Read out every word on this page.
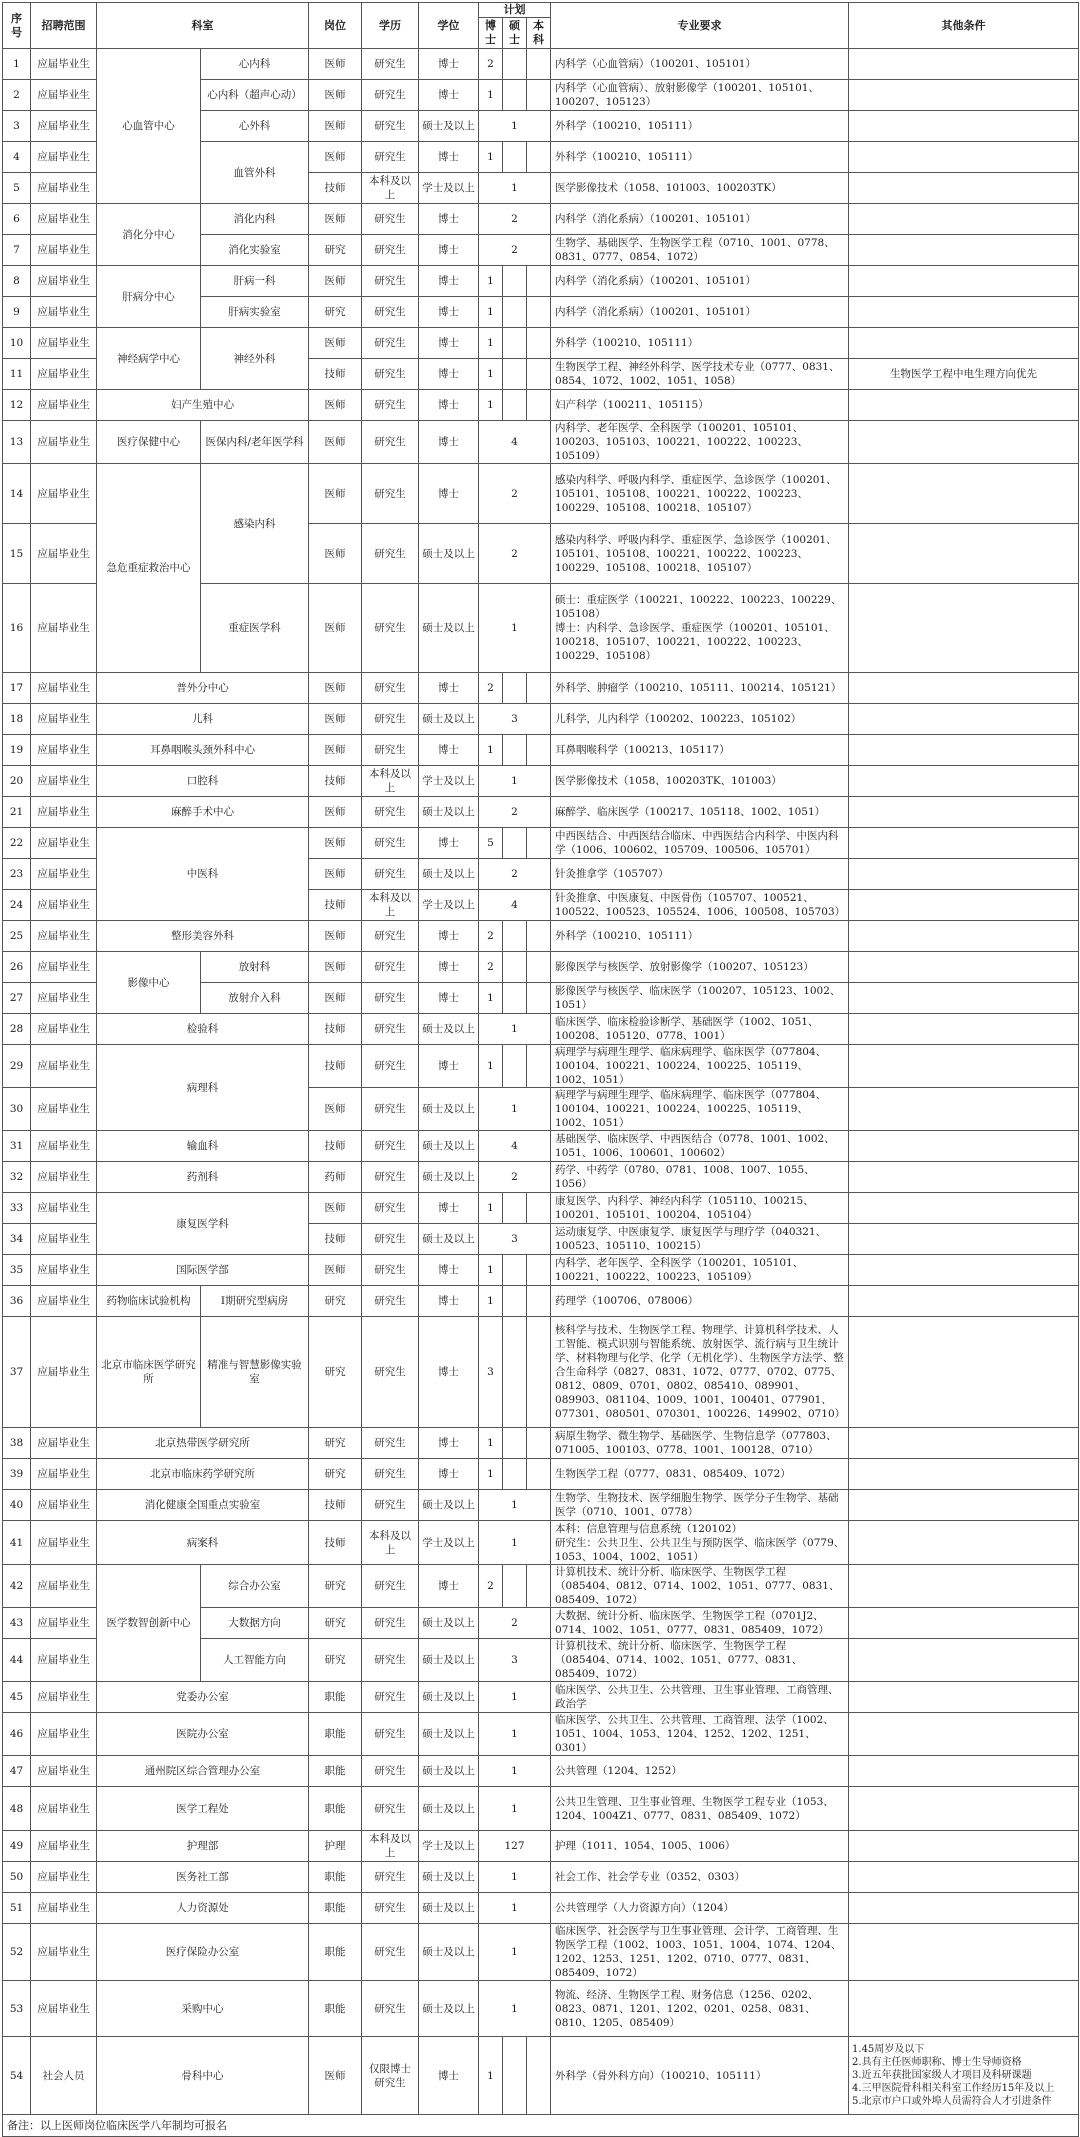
序号	招聘范围	科室		岗位	学历	学位	计划			专业要求	其他条件
							博士	硕士	本科		
1	应届毕业生	心血管中心	心内科	医师	研究生	博士	2			内科学（心血管病）（100201、105101）	
2	应届毕业生		心内科（超声心动）	医师	研究生	博士	1			内科学（心血管病）、放射影像学（100201、105101、100207、105123）	
3	应届毕业生		心外科	医师	研究生	硕士及以上	1			外科学（100210、105111）	
4	应届毕业生		血管外科	医师	研究生	博士	1			外科学（100210、105111）	
5	应届毕业生			技师	本科及以上	学士及以上	1			医学影像技术（1058、101003、100203TK）	
6	应届毕业生	消化分中心	消化内科	医师	研究生	博士	2			内科学（消化系病）（100201、105101）	
7	应届毕业生		消化实验室	研究	研究生	博士	2			生物学、基础医学、生物医学工程（0710、1001、0778、0831、0777、0854、1072）	
8	应届毕业生	肝病分中心	肝病一科	医师	研究生	博士	1			内科学（消化系病）（100201、105101）	
9	应届毕业生		肝病实验室	研究	研究生	博士	1			内科学（消化系病）（100201、105101）	
10	应届毕业生	神经病学中心	神经外科	医师	研究生	博士	1			外科学（100210、105111）	
11	应届毕业生			技师	研究生	博士	1			生物医学工程、神经外科学、医学技术专业（0777、0831、0854、1072、1002、1051、1058）	生物医学工程中电生理方向优先
12	应届毕业生	妇产生殖中心		医师	研究生	博士	1			妇产科学（100211、105115）	
13	应届毕业生	医疗保健中心	医保内科/老年医学科	医师	研究生	博士	4			内科学、老年医学、全科医学（100201、105101、100203、105103、100221、100222、100223、105109）	
14	应届毕业生	急危重症救治中心	感染内科	医师	研究生	博士	2			感染内科学、呼吸内科学、重症医学、急诊医学（100201、105101、105108、100221、100222、100223、100229、105108、100218、105107）	
15	应届毕业生			医师	研究生	硕士及以上	2			感染内科学、呼吸内科学、重症医学、急诊医学（100201、105101、105108、100221、100222、100223、100229、105108、100218、105107）	
16	应届毕业生		重症医学科	医师	研究生	硕士及以上	1			硕士：重症医学（100221、100222、100223、100229、105108）
博士：内科学、急诊医学、重症医学（100201、105101、100218、105107、100221、100222、100223、100229、105108）	
17	应届毕业生	普外分中心		医师	研究生	博士	2			外科学、肿瘤学（100210、105111、100214、105121）	
18	应届毕业生	儿科		医师	研究生	硕士及以上	3			儿科学，儿内科学（100202、100223、105102）	
19	应届毕业生	耳鼻咽喉头颈外科中心		医师	研究生	博士	1			耳鼻咽喉科学（100213、105117）	
20	应届毕业生	口腔科		技师	本科及以上	学士及以上	1			医学影像技术（1058、100203TK、101003）	
21	应届毕业生	麻醉手术中心		医师	研究生	硕士及以上	2			麻醉学、临床医学（100217、105118、1002、1051）	
22	应届毕业生	中医科		医师	研究生	博士	5			中西医结合、中西医结合临床、中西医结合内科学、中医内科学（1006、100602、105709、100506、105701）	
23	应届毕业生			医师	研究生	硕士及以上	2			针灸推拿学（105707）	
24	应届毕业生			技师	本科及以上	学士及以上	4			针灸推拿、中医康复、中医骨伤（105707、100521、100522、100523、105524、1006、100508、105703）	
25	应届毕业生	整形美容外科		医师	研究生	博士	2			外科学（100210、105111）	
26	应届毕业生	影像中心	放射科	医师	研究生	博士	2			影像医学与核医学、放射影像学（100207、105123）	
27	应届毕业生		放射介入科	医师	研究生	博士	1			影像医学与核医学、临床医学（100207、105123、1002、1051）	
28	应届毕业生	检验科		技师	研究生	硕士及以上	1			临床医学、临床检验诊断学、基础医学（1002、1051、100208、105120、0778、1001）	
29	应届毕业生	病理科		技师	研究生	博士	1			病理学与病理生理学、临床病理学、临床医学（077804、100104、100221、100224、100225、105119、1002、1051）	
30	应届毕业生			医师	研究生	硕士及以上	1			病理学与病理生理学、临床病理学、临床医学（077804、100104、100221、100224、100225、105119、1002、1051）	
31	应届毕业生	输血科		技师	研究生	硕士及以上	4			基础医学、临床医学、中西医结合（0778、1001、1002、1051、1006、100601、100602）	
32	应届毕业生	药剂科		药师	研究生	硕士及以上	2			药学、中药学（0780、0781、1008、1007、1055、1056）	
33	应届毕业生	康复医学科		医师	研究生	博士	1			康复医学、内科学、神经内科学（105110、100215、100201、105101、100204、105104）	
34	应届毕业生			技师	研究生	硕士及以上	3			运动康复学、中医康复学、康复医学与理疗学（040321、100523、105110、100215）	
35	应届毕业生	国际医学部		医师	研究生	博士	1			内科学、老年医学、全科医学（100201、105101、100221、100222、100223、105109）	
36	应届毕业生	药物临床试验机构	Ⅰ期研究型病房	研究	研究生	博士	1			药理学（100706、078006）	
37	应届毕业生	北京市临床医学研究所	精准与智慧影像实验室	研究	研究生	博士	3			核科学与技术、生物医学工程、物理学、计算机科学技术、人工智能、模式识别与智能系统、放射医学、流行病与卫生统计学、材料物理与化学、化学（无机化学）、生物医学方法学、整合生命科学（0827、0831、1072、0777、0702、0775、0812、0809、0701、0802、085410、089901、089903、081104、1009、1001、100401、077901、077301、080501、070301、100226、149902、0710）	
38	应届毕业生	北京热带医学研究所		研究	研究生	博士	1			病原生物学、微生物学、基础医学、生物信息学（077803、071005、100103、0778、1001、100128、0710）	
39	应届毕业生	北京市临床药学研究所		研究	研究生	博士	1			生物医学工程（0777、0831、085409、1072）	
40	应届毕业生	消化健康全国重点实验室		技师	研究生	硕士及以上	1			生物学、生物技术、医学细胞生物学、医学分子生物学、基础医学（0710、1001、0778）	
41	应届毕业生	病案科		技师	本科及以上	学士及以上	1			本科：信息管理与信息系统（120102）
研究生：公共卫生、公共卫生与预防医学、临床医学（0779、1053、1004、1002、1051）	
42	应届毕业生	医学数智创新中心	综合办公室	研究	研究生	博士	2			计算机技术、统计分析、临床医学、生物医学工程（085404、0812、0714、1002、1051、0777、0831、085409、1072）	
43	应届毕业生		大数据方向	研究	研究生	硕士及以上	2			大数据、统计分析、临床医学、生物医学工程（0701J2、0714、1002、1051、0777、0831、085409、1072）	
44	应届毕业生		人工智能方向	研究	研究生	硕士及以上	3			计算机技术、统计分析、临床医学、生物医学工程（085404、0714、1002、1051、0777、0831、085409、1072）	
45	应届毕业生	党委办公室		职能	研究生	硕士及以上	1			临床医学、公共卫生、公共管理、卫生事业管理、工商管理、政治学	
46	应届毕业生	医院办公室		职能	研究生	硕士及以上	1			临床医学、公共卫生、公共管理、工商管理、法学（1002、1051、1004、1053、1204、1252、1202、1251、0301）	
47	应届毕业生	通州院区综合管理办公室		职能	研究生	硕士及以上	1			公共管理（1204、1252）	
48	应届毕业生	医学工程处		职能	研究生	硕士及以上	1			公共卫生管理、卫生事业管理、生物医学工程专业（1053、1204、1004Z1、0777、0831、085409、1072）	
49	应届毕业生	护理部		护理	本科及以上	学士及以上	127			护理（1011、1054、1005、1006）	
50	应届毕业生	医务社工部		职能	研究生	硕士及以上	1			社会工作、社会学专业（0352、0303）	
51	应届毕业生	人力资源处		职能	研究生	硕士及以上	1			公共管理学（人力资源方向）（1204）	
52	应届毕业生	医疗保险办公室		职能	研究生	硕士及以上	1			临床医学、社会医学与卫生事业管理、会计学、工商管理、生物医学工程（1002、1003、1051、1004、1074、1204、1202、1253、1251、1202、0710、0777、0831、085409、1072）	
53	应届毕业生	采购中心		职能	研究生	硕士及以上	1			物流、经济、生物医学工程、财务信息（1256、0202、0823、0871、1201、1202、0201、0258、0831、0810、1205、085409）	
54	社会人员	骨科中心		医师	仅限博士研究生	博士	1			外科学（骨外科方向）（100210、105111）	1.45周岁及以下
2.具有主任医师职称、博士生导师资格
3.近五年获批国家级人才项目及科研课题
4.三甲医院骨科相关科室工作经历15年及以上
5.北京市户口或外埠人员需符合人才引进条件
备注：以上医师岗位临床医学八年制均可报名											
